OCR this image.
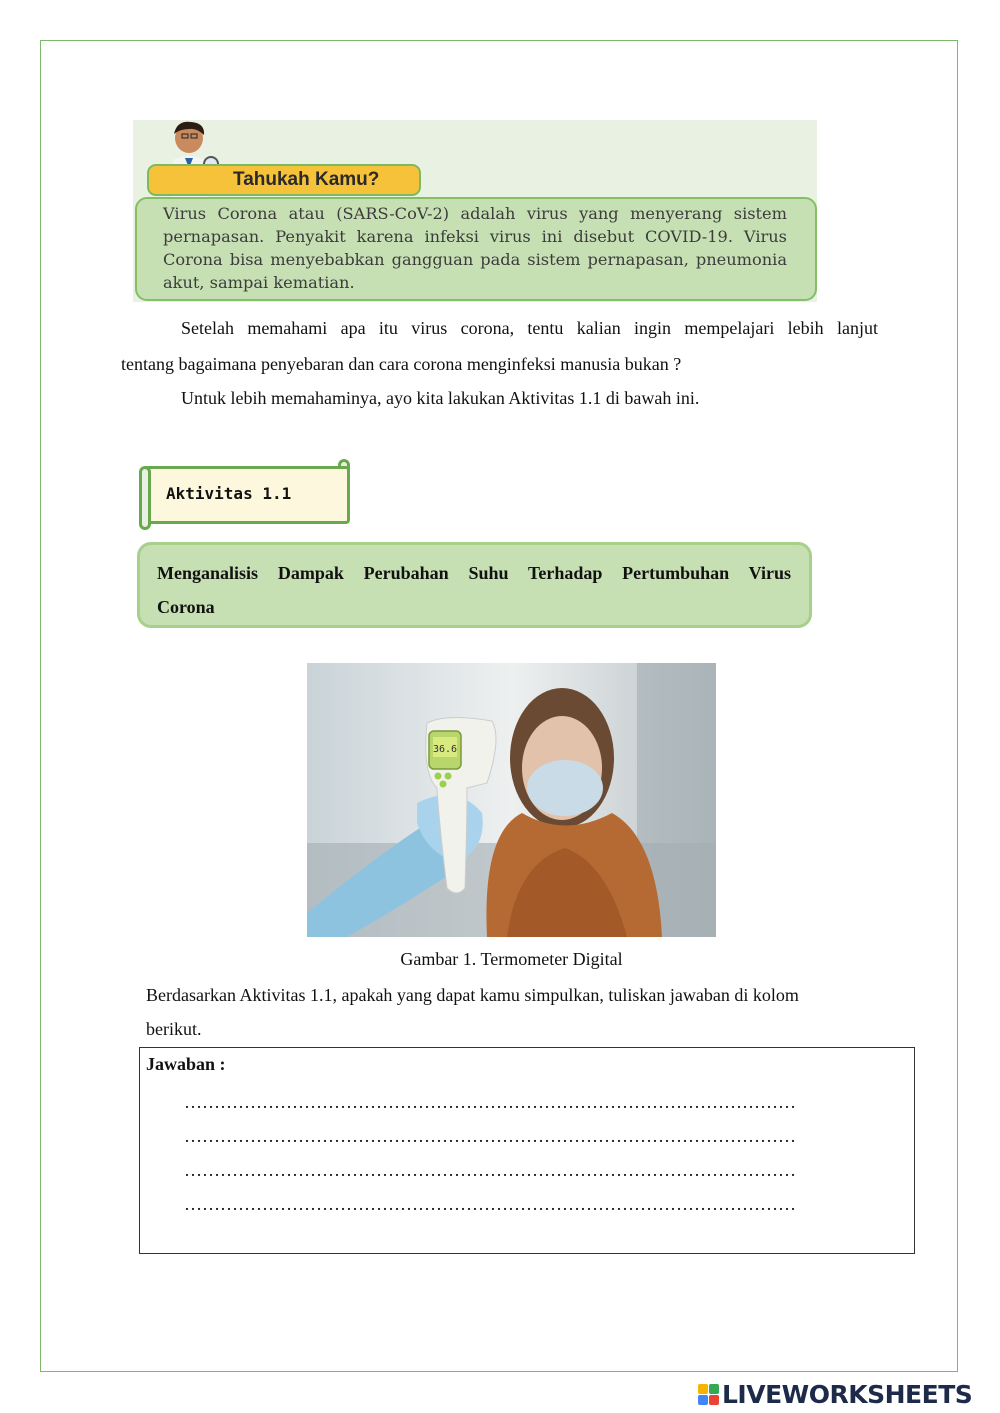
Tahukah Kamu?
Virus Corona atau (SARS-CoV-2) adalah virus yang menyerang sistem pernapasan. Penyakit karena infeksi virus ini disebut COVID-19. Virus Corona bisa menyebabkan gangguan pada sistem pernapasan, pneumonia akut, sampai kematian.
Setelah memahami apa itu virus corona, tentu kalian ingin mempelajari lebih lanjut
tentang bagaimana penyebaran dan cara corona menginfeksi manusia bukan ?
Untuk lebih memahaminya, ayo kita lakukan Aktivitas 1.1 di bawah ini.
Aktivitas 1.1
Menganalisis Dampak Perubahan Suhu Terhadap Pertumbuhan Virus
Corona
36.6
Gambar 1. Termometer Digital
Berdasarkan Aktivitas 1.1, apakah yang dapat kamu simpulkan, tuliskan jawaban di kolom
berikut.
Jawaban :
…………………………………………………………………………………………
…………………………………………………………………………………………
…………………………………………………………………………………………
…………………………………………………………………………………………
LIVEWORKSHEETS
